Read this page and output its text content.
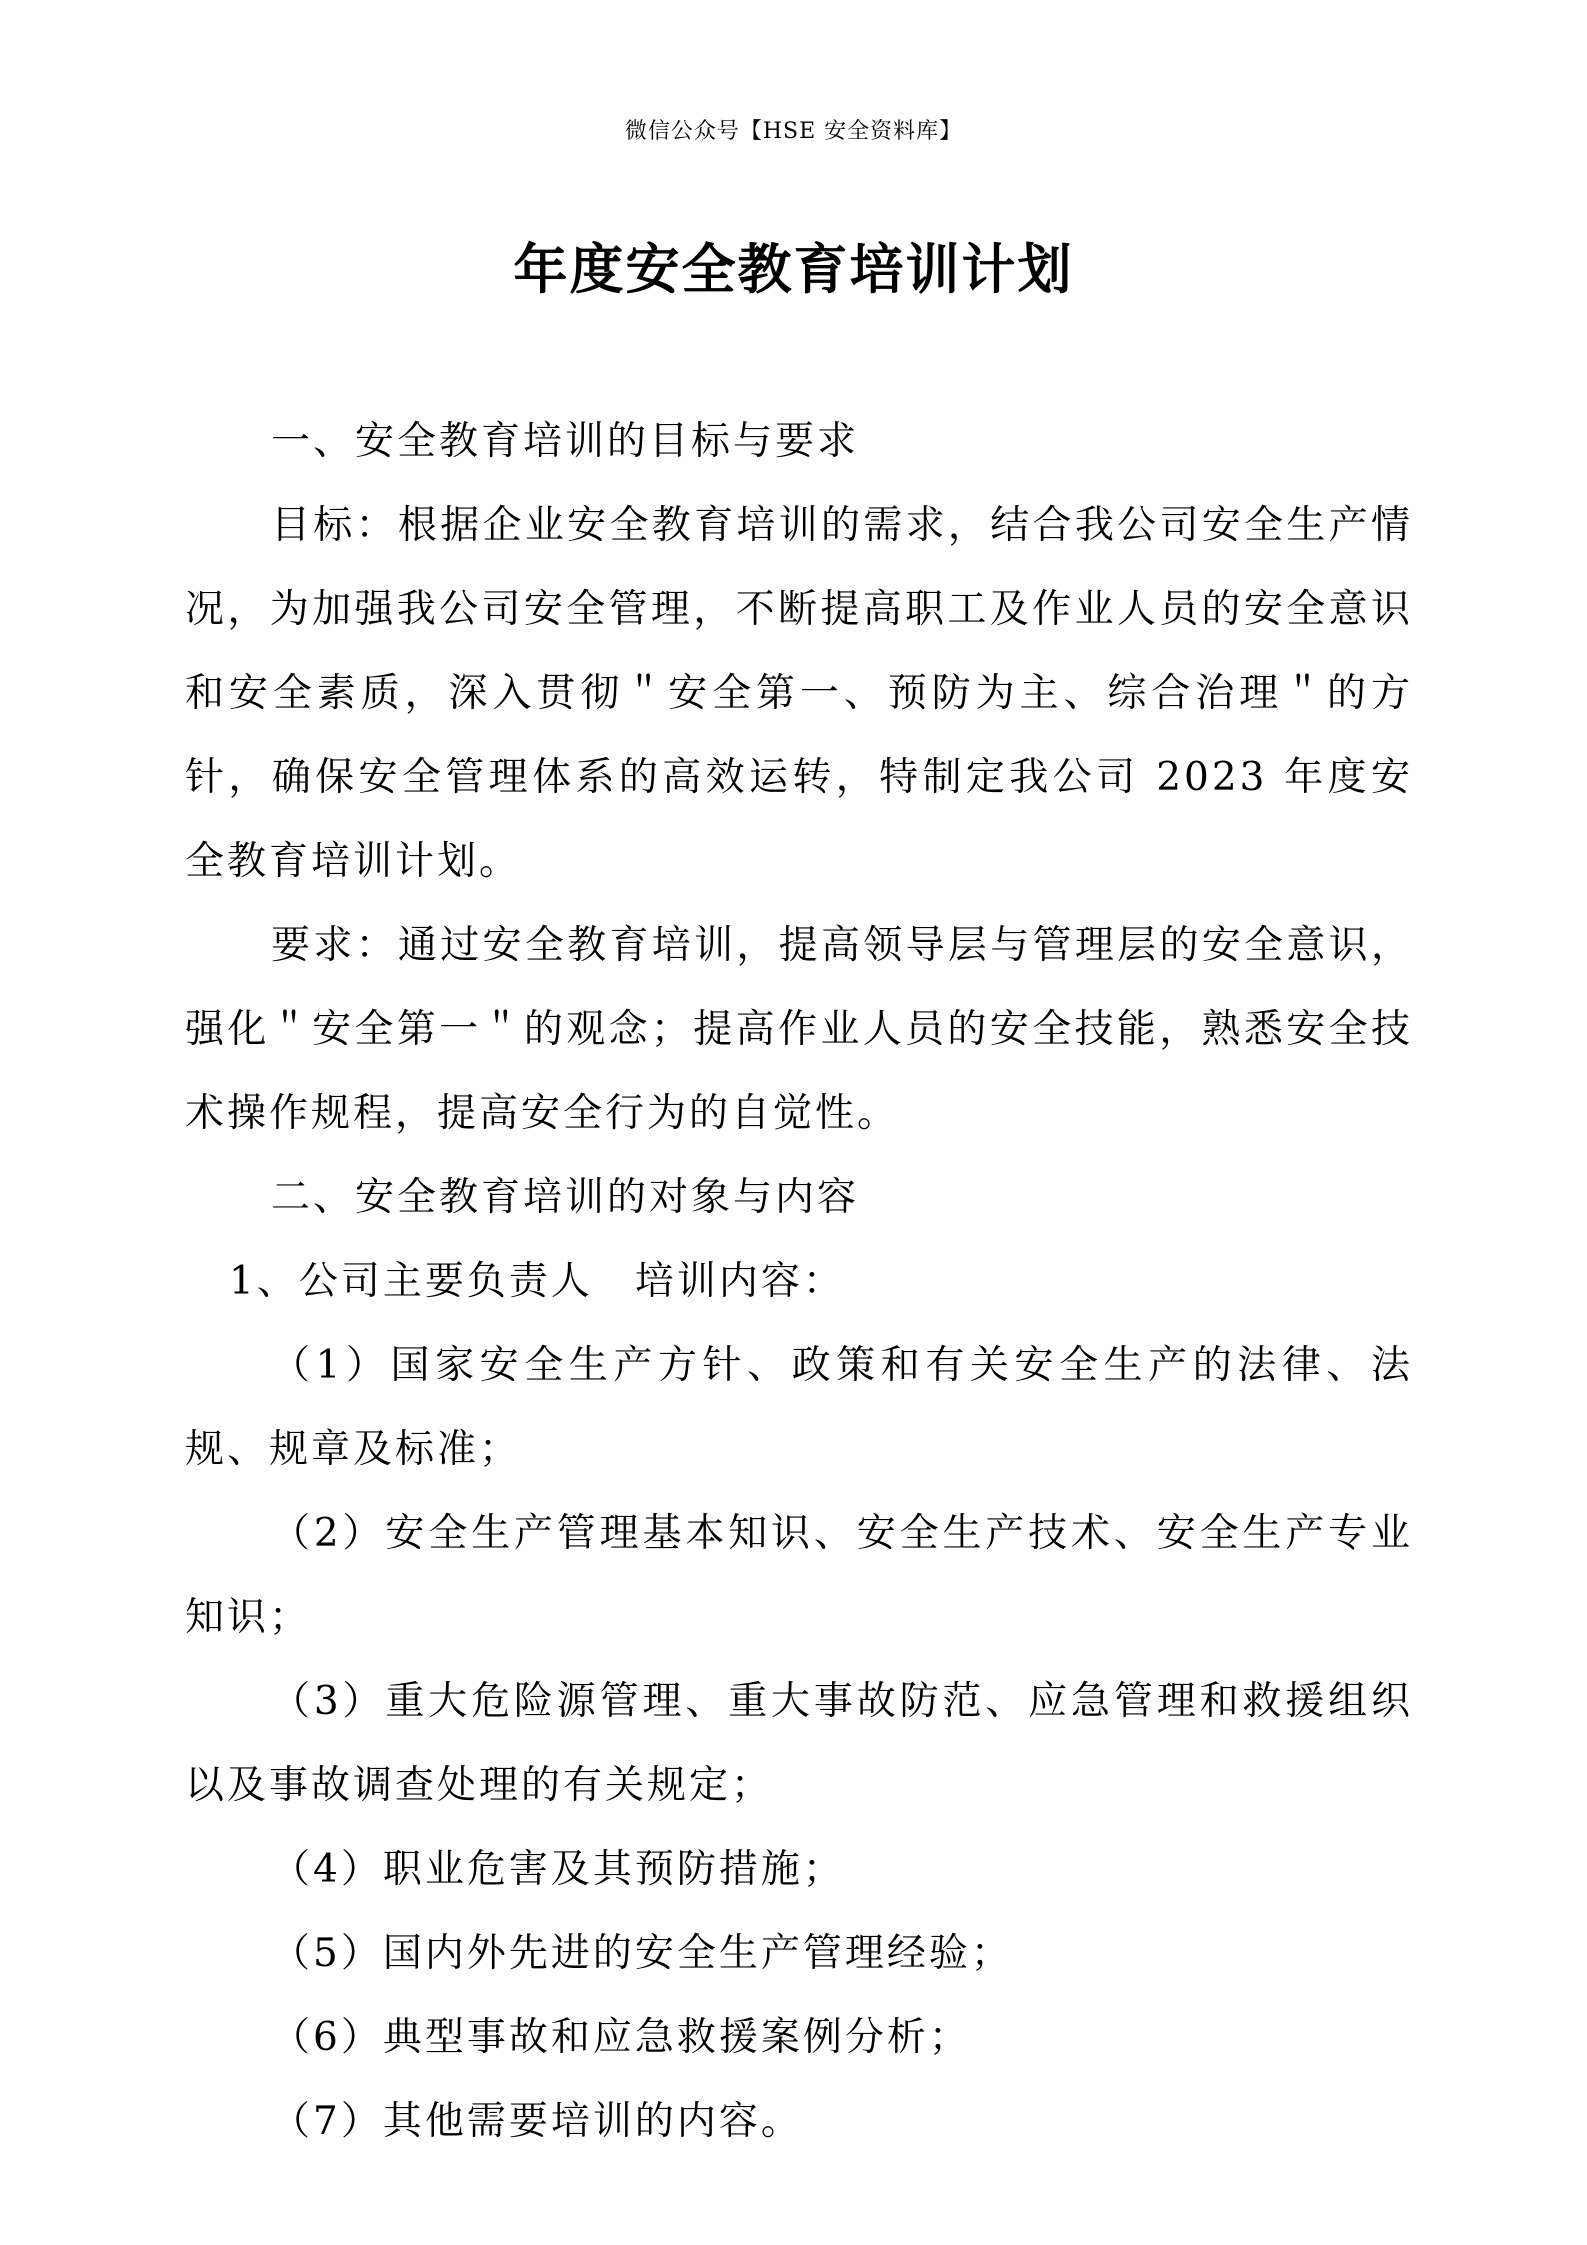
微信公众号【HSE 安全资料库】
年度安全教育培训计划

一、安全教育培训的目标与要求

目标：根据企业安全教育培训的需求，结合我公司安全生产情况，为加强我公司安全管理，不断提高职工及作业人员的安全意识和安全素质，深入贯彻＂安全第一、预防为主、综合治理＂的方针，确保安全管理体系的高效运转，特制定我公司 2023 年度安全教育培训计划。

要求：通过安全教育培训，提高领导层与管理层的安全意识，强化＂安全第一＂的观念；提高作业人员的安全技能，熟悉安全技术操作规程，提高安全行为的自觉性。

二、安全教育培训的对象与内容

1、公司主要负责人　培训内容：

（1）国家安全生产方针、政策和有关安全生产的法律、法规、规章及标准；

（2）安全生产管理基本知识、安全生产技术、安全生产专业知识；

（3）重大危险源管理、重大事故防范、应急管理和救援组织以及事故调查处理的有关规定；

（4）职业危害及其预防措施；

（5）国内外先进的安全生产管理经验；

（6）典型事故和应急救援案例分析；

（7）其他需要培训的内容。
